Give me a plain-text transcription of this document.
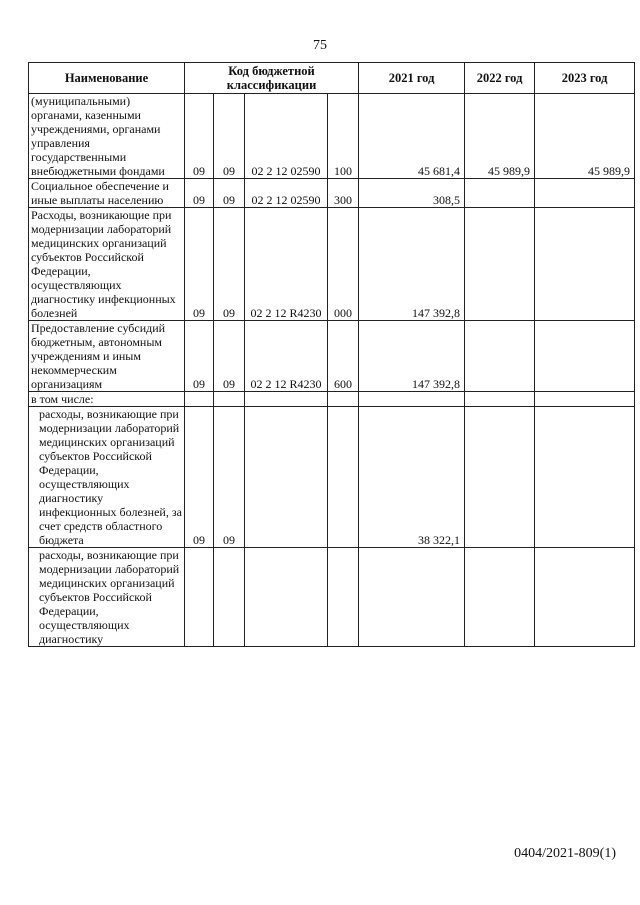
75
Наименование	Код бюджетной классификации				2021 год	2022 год	2023 год
(муниципальными) органами, казенными учреждениями, органами управления государственными внебюджетными фондами	09	09	02 2 12 02590	100	45 681,4	45 989,9	45 989,9
Социальное обеспечение и иные выплаты населению	09	09	02 2 12 02590	300	308,5		
Расходы, возникающие при модернизации лабораторий медицинских организаций субъектов Российской Федерации, осуществляющих диагностику инфекционных болезней	09	09	02 2 12 R4230	000	147 392,8		
Предоставление субсидий бюджетным, автономным учреждениям и иным некоммерческим организациям	09	09	02 2 12 R4230	600	147 392,8		
в том числе:							
расходы, возникающие при модернизации лабораторий медицинских организаций субъектов Российской Федерации, осуществляющих диагностику инфекционных болезней, за счет средств областного бюджета	09	09			38 322,1		
расходы, возникающие при модернизации лабораторий медицинских организаций субъектов Российской Федерации, осуществляющих диагностику							
0404/2021-809(1)
